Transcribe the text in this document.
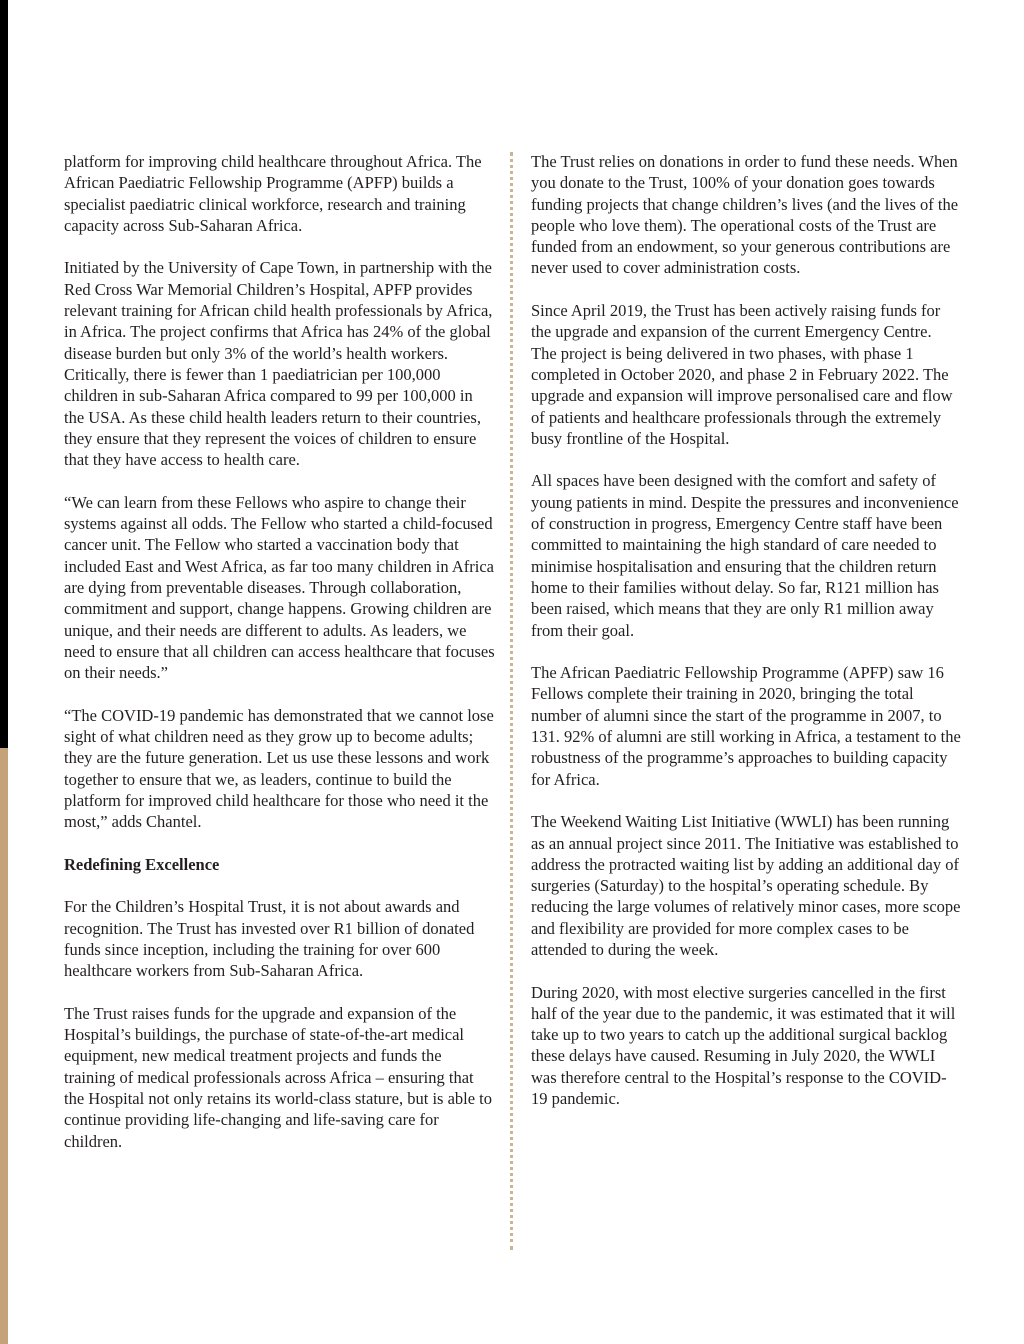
platform for improving child healthcare throughout Africa. The African Paediatric Fellowship Programme (APFP) builds a specialist paediatric clinical workforce, research and training capacity across Sub-Saharan Africa.

Initiated by the University of Cape Town, in partnership with the Red Cross War Memorial Children’s Hospital, APFP provides relevant training for African child health professionals by Africa, in Africa. The project confirms that Africa has 24% of the global disease burden but only 3% of the world’s health workers. Critically, there is fewer than 1 paediatrician per 100,000 children in sub-Saharan Africa compared to 99 per 100,000 in the USA. As these child health leaders return to their countries, they ensure that they represent the voices of children to ensure that they have access to health care.

“We can learn from these Fellows who aspire to change their systems against all odds. The Fellow who started a child-focused cancer unit. The Fellow who started a vaccination body that included East and West Africa, as far too many children in Africa are dying from preventable diseases. Through collaboration, commitment and support, change happens. Growing children are unique, and their needs are different to adults. As leaders, we need to ensure that all children can access healthcare that focuses on their needs.”

“The COVID-19 pandemic has demonstrated that we cannot lose sight of what children need as they grow up to become adults; they are the future generation. Let us use these lessons and work together to ensure that we, as leaders, continue to build the platform for improved child healthcare for those who need it the most,” adds Chantel.

Redefining Excellence

For the Children’s Hospital Trust, it is not about awards and recognition. The Trust has invested over R1 billion of donated funds since inception, including the training for over 600 healthcare workers from Sub-Saharan Africa.

The Trust raises funds for the upgrade and expansion of the Hospital’s buildings, the purchase of state-of-the-art medical equipment, new medical treatment projects and funds the training of medical professionals across Africa – ensuring that the Hospital not only retains its world-class stature, but is able to continue providing life-changing and life-saving care for children.

The Trust relies on donations in order to fund these needs. When you donate to the Trust, 100% of your donation goes towards funding projects that change children’s lives (and the lives of the people who love them). The operational costs of the Trust are funded from an endowment, so your generous contributions are never used to cover administration costs.

Since April 2019, the Trust has been actively raising funds for the upgrade and expansion of the current Emergency Centre. The project is being delivered in two phases, with phase 1 completed in October 2020, and phase 2 in February 2022. The upgrade and expansion will improve personalised care and flow of patients and healthcare professionals through the extremely busy frontline of the Hospital.

All spaces have been designed with the comfort and safety of young patients in mind. Despite the pressures and inconvenience of construction in progress, Emergency Centre staff have been committed to maintaining the high standard of care needed to minimise hospitalisation and ensuring that the children return home to their families without delay. So far, R121 million has been raised, which means that they are only R1 million away from their goal.

The African Paediatric Fellowship Programme (APFP) saw 16 Fellows complete their training in 2020, bringing the total number of alumni since the start of the programme in 2007, to 131. 92% of alumni are still working in Africa, a testament to the robustness of the programme’s approaches to building capacity for Africa.

The Weekend Waiting List Initiative (WWLI) has been running as an annual project since 2011. The Initiative was established to address the protracted waiting list by adding an additional day of surgeries (Saturday) to the hospital’s operating schedule. By reducing the large volumes of relatively minor cases, more scope and flexibility are provided for more complex cases to be attended to during the week.

During 2020, with most elective surgeries cancelled in the first half of the year due to the pandemic, it was estimated that it will take up to two years to catch up the additional surgical backlog these delays have caused. Resuming in July 2020, the WWLI was therefore central to the Hospital’s response to the COVID-19 pandemic.
